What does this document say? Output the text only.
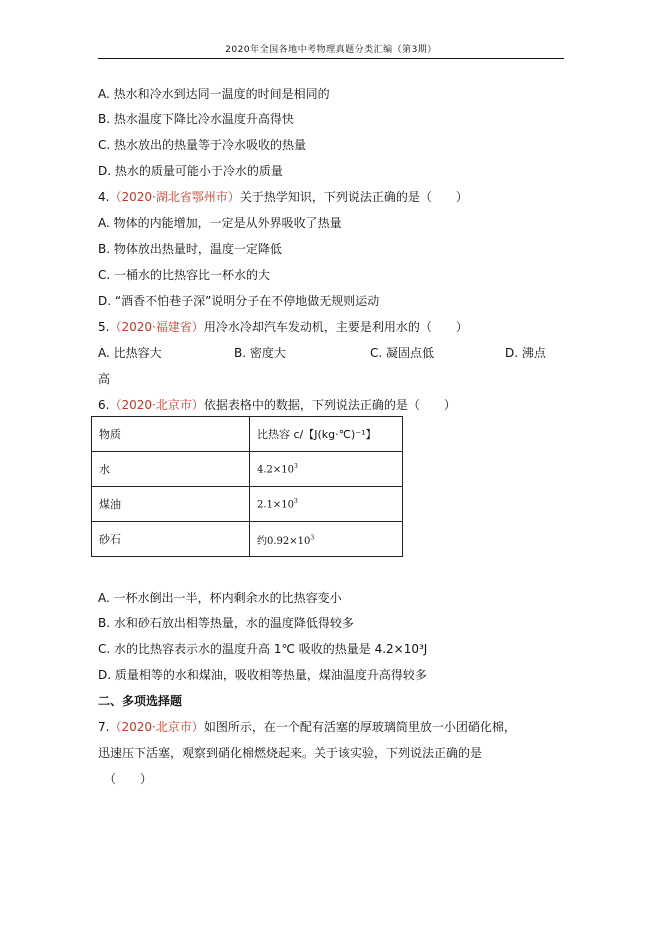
2020年全国各地中考物理真题分类汇编（第3期）
A. 热水和冷水到达同一温度的时间是相同的
B. 热水温度下降比冷水温度升高得快
C. 热水放出的热量等于冷水吸收的热量
D. 热水的质量可能小于冷水的质量
4.（2020·湖北省鄂州市）关于热学知识，下列说法正确的是（　　）
A. 物体的内能增加，一定是从外界吸收了热量
B. 物体放出热量时，温度一定降低
C. 一桶水的比热容比一杯水的大
D. “酒香不怕巷子深”说明分子在不停地做无规则运动
5.（2020·福建省）用冷水冷却汽车发动机，主要是利用水的（　　）
A. 比热容大	B. 密度大	C. 凝固点低	D. 沸点
高
6.（2020·北京市）依据表格中的数据，下列说法正确的是（　　）
物质	比热容 c/【J(kg·℃)⁻¹】
水	$4.2\times 10^3$
煤油	$2.1\times 10^3$
砂石	约$0.92\times 10^3$
A. 一杯水倒出一半，杯内剩余水的比热容变小
B. 水和砂石放出相等热量，水的温度降低得较多
C. 水的比热容表示水的温度升高 1℃ 吸收的热量是 4.2×10³J
D. 质量相等的水和煤油，吸收相等热量，煤油温度升高得较多
二、多项选择题
7.（2020·北京市）如图所示，在一个配有活塞的厚玻璃筒里放一小团硝化棉，
迅速压下活塞，观察到硝化棉燃烧起来。关于该实验，下列说法正确的是
（　　）
